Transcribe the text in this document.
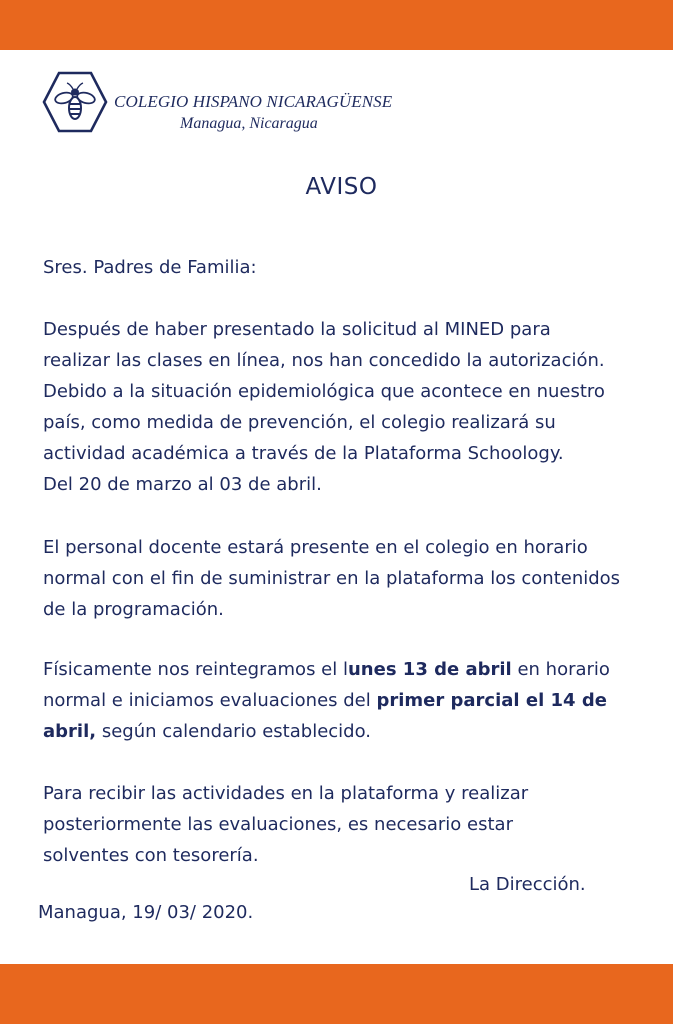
COLEGIO HISPANO NICARAGÜENSE
Managua, Nicaragua
AVISO
Sres. Padres de Familia:
Después de haber presentado la solicitud al MINED para
realizar las clases en línea, nos han concedido la autorización.
Debido a la situación epidemiológica que acontece en nuestro
país, como medida de prevención, el colegio realizará su
actividad académica a través de la Plataforma Schoology.
Del 20 de marzo al 03 de abril.
El personal docente estará presente en el colegio en horario
normal con el fin de suministrar en la plataforma los contenidos
de la programación.
Físicamente nos reintegramos el lunes 13 de abril en horario
normal e iniciamos evaluaciones del primer parcial el 14 de
abril, según calendario establecido.
Para recibir las actividades en la plataforma y realizar
posteriormente las evaluaciones, es necesario estar
solventes con tesorería.
La Dirección.
Managua, 19/ 03/ 2020.
